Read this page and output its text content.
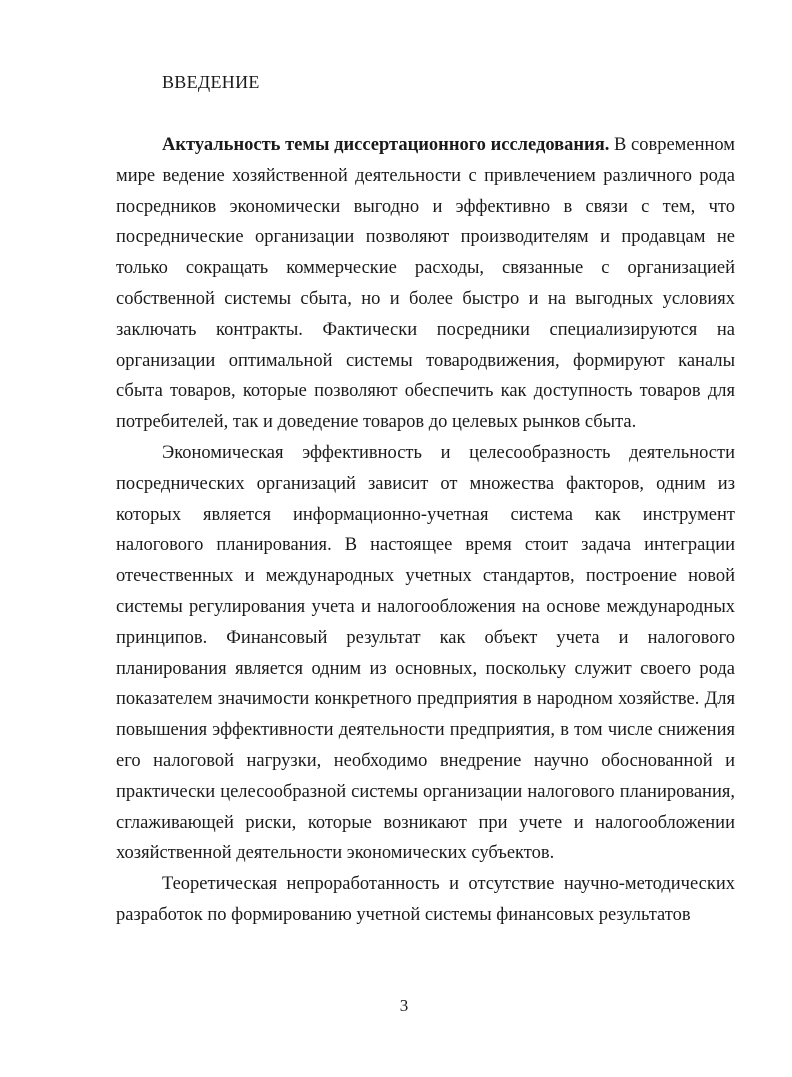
ВВЕДЕНИЕ

Актуальность темы диссертационного исследования. В современном мире ведение хозяйственной деятельности с привлечением различного рода посредников экономически выгодно и эффективно в связи с тем, что посреднические организации позволяют производителям и продавцам не только сокращать коммерческие расходы, связанные с организацией собственной системы сбыта, но и более быстро и на выгодных условиях заключать контракты. Фактически посредники специализируются на организации оптимальной системы товародвижения, формируют каналы сбыта товаров, которые позволяют обеспечить как доступность товаров для потребителей, так и доведение товаров до целевых рынков сбыта.

Экономическая эффективность и целесообразность деятельности посреднических организаций зависит от множества факторов, одним из которых является информационно-учетная система как инструмент налогового планирования. В настоящее время стоит задача интеграции отечественных и международных учетных стандартов, построение новой системы регулирования учета и налогообложения на основе международных принципов. Финансовый результат как объект учета и налогового планирования является одним из основных, поскольку служит своего рода показателем значимости конкретного предприятия в народном хозяйстве. Для повышения эффективности деятельности предприятия, в том числе снижения его налоговой нагрузки, необходимо внедрение научно обоснованной и практически целесообразной системы организации налогового планирования, сглаживающей риски, которые возникают при учете и налогообложении хозяйственной деятельности экономических субъектов.

Теоретическая непроработанность и отсутствие научно-методических разработок по формированию учетной системы финансовых результатов

3
